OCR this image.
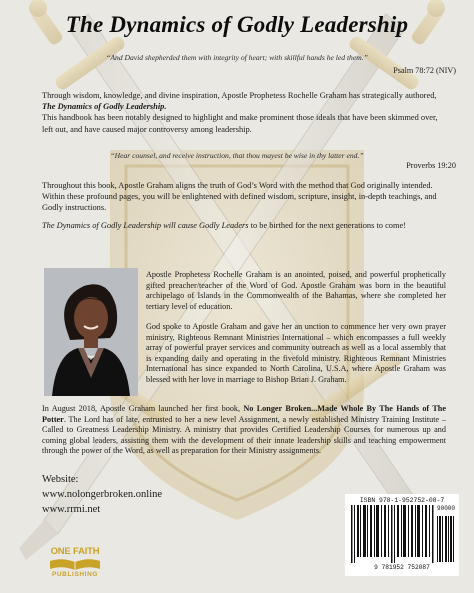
The Dynamics of Godly Leadership
“And David shepherded them with integrity of heart; with skillful hands he led them.”
Psalm 78:72 (NIV)

Through wisdom, knowledge, and divine inspiration, Apostle Prophetess Rochelle Graham has strategically authored, The Dynamics of Godly Leadership.

This handbook has been notably designed to highlight and make prominent those ideals that have been skimmed over, left out, and have caused major controversy among leadership.

“Hear counsel, and receive instruction, that thou mayest be wise in thy latter end.”
Proverbs 19:20

Throughout this book, Apostle Graham aligns the truth of God’s Word with the method that God originally intended.

Within these profound pages, you will be enlightened with defined wisdom, scripture, insight, in-depth teachings, and Godly instructions.

The Dynamics of Godly Leadership will cause Godly Leaders to be birthed for the next generations to come!

Apostle Prophetess Rochelle Graham is an anointed, poised, and powerful prophetically gifted preacher/teacher of the Word of God. Apostle Graham was born in the beautiful archipelago of Islands in the Commonwealth of the Bahamas, where she completed her tertiary level of education.
God spoke to Apostle Graham and gave her an unction to commence her very own prayer ministry, Righteous Remnant Ministries International – which encompasses a full weekly array of powerful prayer services and community outreach as well as a local assembly that is expanding daily and operating in the fivefold ministry. Righteous Remnant Ministries International has since expanded to North Carolina, U.S.A, where Apostle Graham was blessed with her love in marriage to Bishop Brian J. Graham.
In August 2018, Apostle Graham launched her first book, No Longer Broken...Made Whole By The Hands of The Potter. The Lord has of late, entrusted to her a new level Assignment, a newly established Ministry Training Institute – Called to Greatness Leadership Ministry. A ministry that provides Certified Leadership Courses for numerous up and coming global leaders, assisting them with the development of their innate leadership skills and teaching empowerment through the power of the Word, as well as preparation for their Ministry assignments.
Website:
www.nolongerbroken.online
www.rrmi.net
ISBN 978-1-952752-08-7
90000
9 781952 752087
ONE FAITH
PUBLISHING
